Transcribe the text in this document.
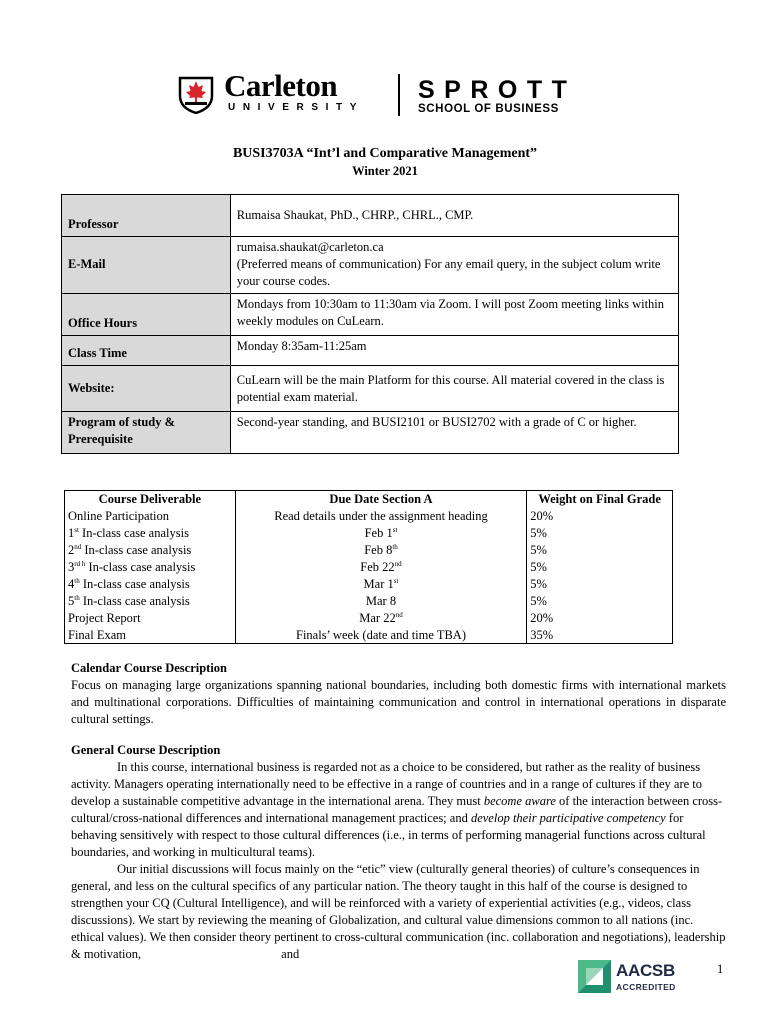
Carleton
UNIVERSITY
SPROTT
SCHOOL OF BUSINESS
BUSI3703A “Int’l and Comparative Management”
Winter 2021
Professor	Rumaisa Shaukat, PhD., CHRP., CHRL., CMP.
E-Mail	rumaisa.shaukat@carleton.ca
(Preferred means of communication) For any email query, in the subject colum write your course codes.

Office Hours	Mondays from 10:30am to 11:30am via Zoom. I will post Zoom meeting links within weekly modules on CuLearn.
Class Time	Monday 8:35am-11:25am
Website:	CuLearn will be the main Platform for this course. All material covered in the class is potential exam material.
Program of study & Prerequisite	Second-year standing, and BUSI2101 or BUSI2702 with a grade of C or higher.
Course Deliverable	Due Date Section A	Weight on Final Grade
Online Participation	Read details under the assignment heading	20%
1st In-class case analysis	Feb 1st	5%
2nd In-class case analysis	Feb 8th	5%
$3^{rd h}$ In-class case analysis	Feb 22nd	5%
4th In-class case analysis	Mar 1st	5%
5th In-class case analysis	Mar 8	5%
Project Report	Mar 22nd	20%
Final Exam	Finals’ week (date and time TBA)	35%

Calendar Course Description

Focus on managing large organizations spanning national boundaries, including both domestic firms with international markets and multinational corporations. Difficulties of maintaining communication and control in international operations in disparate cultural settings.

General Course Description

In this course, international business is regarded not as a choice to be considered, but rather as the reality of business activity. Managers operating internationally need to be effective in a range of countries and in a range of cultures if they are to develop a sustainable competitive advantage in the international arena. They must become aware of the interaction between cross-cultural/cross-national differences and international management practices; and develop their participative competency for behaving sensitively with respect to those cultural differences (i.e., in terms of performing managerial functions across cultural boundaries, and working in multicultural teams).

Our initial discussions will focus mainly on the “etic” view (culturally general theories) of culture’s consequences in general, and less on the cultural specifics of any particular nation. The theory taught in this half of the course is designed to strengthen your CQ (Cultural Intelligence), and will be reinforced with a variety of experiential activities (e.g., videos, class discussions). We start by reviewing the meaning of Globalization, and cultural value dimensions common to all nations (inc. ethical values). We then consider theory pertinent to cross-cultural communication (inc. collaboration and negotiations), leadership & motivation,	and

AACSB
ACCREDITED
1
